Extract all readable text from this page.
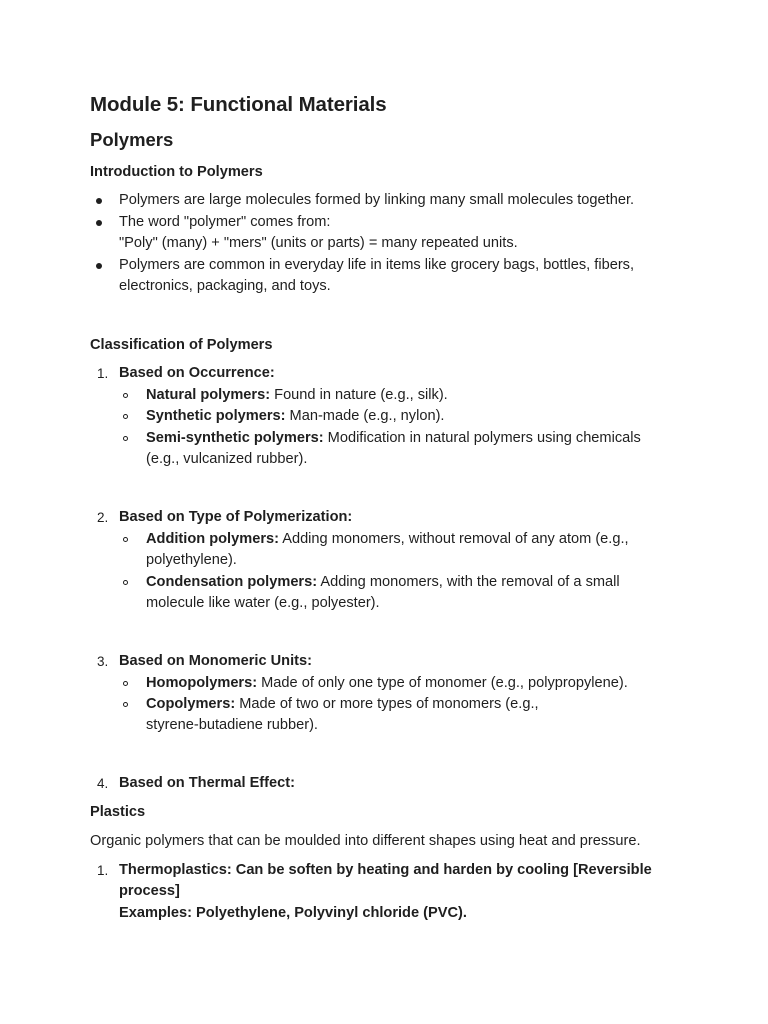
Module 5: Functional Materials
Polymers
Introduction to Polymers
Polymers are large molecules formed by linking many small molecules together.
The word "polymer" comes from:
"Poly" (many) + "mers" (units or parts) = many repeated units.
Polymers are common in everyday life in items like grocery bags, bottles, fibers,
electronics, packaging, and toys.
Classification of Polymers
1. Based on Occurrence:
Natural polymers: Found in nature (e.g., silk).
Synthetic polymers: Man-made (e.g., nylon).
Semi-synthetic polymers: Modification in natural polymers using chemicals
(e.g., vulcanized rubber).
2. Based on Type of Polymerization:
Addition polymers: Adding monomers, without removal of any atom (e.g.,
polyethylene).
Condensation polymers: Adding monomers, with the removal of a small
molecule like water (e.g., polyester).
3. Based on Monomeric Units:
Homopolymers: Made of only one type of monomer (e.g., polypropylene).
Copolymers: Made of two or more types of monomers (e.g.,
styrene-butadiene rubber).
4. Based on Thermal Effect:
Plastics
Organic polymers that can be moulded into different shapes using heat and pressure.
1. Thermoplastics: Can be soften by heating and harden by cooling [Reversible
process]
Examples: Polyethylene, Polyvinyl chloride (PVC).
